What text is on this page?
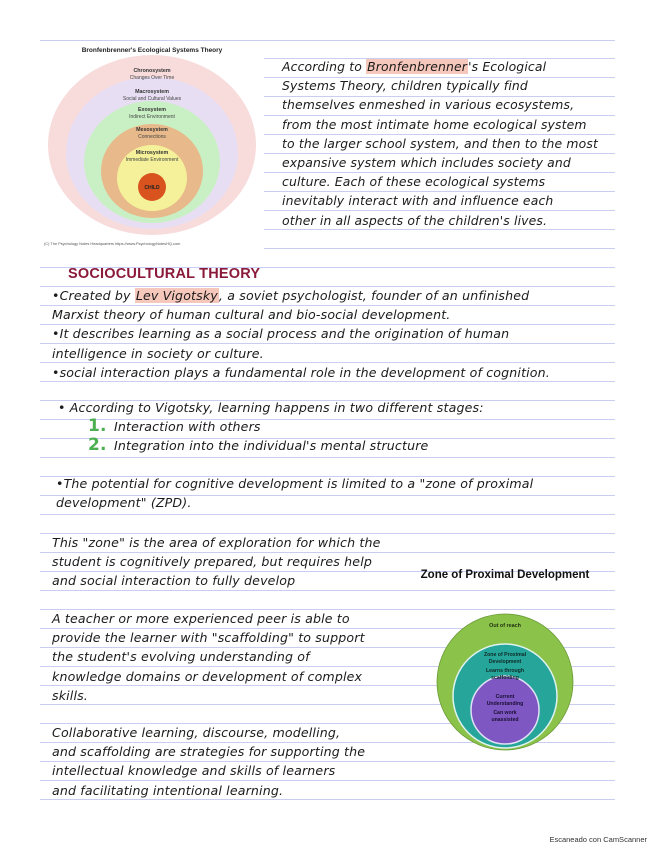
Bronfenbrenner's Ecological Systems Theory
Chronosystem
Changes Over Time
Macrosystem
Social and Cultural Values
Exosystem
Indirect Environment
Mesosystem
Connections
Microsystem
Immediate Environment
CHILD
(C) The Psychology Notes Headquarters https://www.PsychologyNotesHQ.com

According to Bronfenbrenner's Ecological

Systems Theory, children typically find

themselves enmeshed in various ecosystems,

from the most intimate home ecological system

to the larger school system, and then to the most

expansive system which includes society and

culture. Each of these ecological systems

inevitably interact with and influence each

other in all aspects of the children's lives.

SOCIOCULTURAL THEORY

•Created by Lev Vigotsky, a soviet psychologist, founder of an unfinished

Marxist theory of human cultural and bio-social development.

•It describes learning as a social process and the origination of human

intelligence in society or culture.

•social interaction plays a fundamental role in the development of cognition.

• According to Vigotsky, learning happens in two different stages:

1. Interaction with others

2. Integration into the individual's mental structure

•The potential for cognitive development is limited to a "zone of proximal

development" (ZPD).

This "zone" is the area of exploration for which the

student is cognitively prepared, but requires help

and social interaction to fully develop

A teacher or more experienced peer is able to

provide the learner with "scaffolding" to support

the student's evolving understanding of

knowledge domains or development of complex

skills.

Collaborative learning, discourse, modelling,

and scaffolding are strategies for supporting the

intellectual knowledge and skills of learners

and facilitating intentional learning.

Zone of Proximal Development
Out of reach
Zone of Proximal
Development
Learns through
scaffolding
Current
Understanding
Can work
unassisted
Escaneado con CamScanner
